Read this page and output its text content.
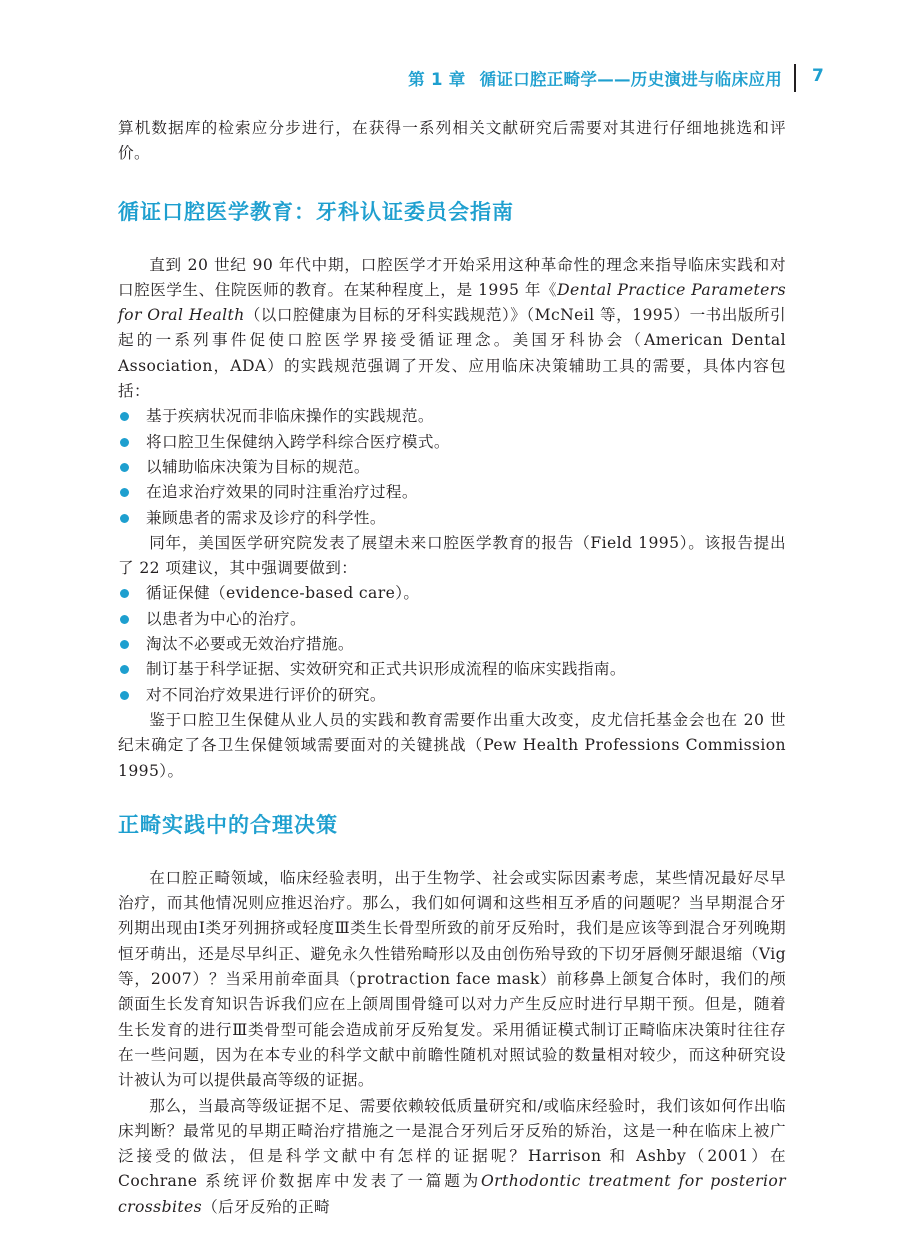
第 1 章 循证口腔正畸学——历史演进与临床应用 7

算机数据库的检索应分步进行，在获得一系列相关文献研究后需要对其进行仔细地挑选和评价。

循证口腔医学教育：牙科认证委员会指南

直到 20 世纪 90 年代中期，口腔医学才开始采用这种革命性的理念来指导临床实践和对口腔医学生、住院医师的教育。在某种程度上，是 1995 年《Dental Practice Parameters for Oral Health（以口腔健康为目标的牙科实践规范）》（McNeil 等，1995）一书出版所引起的一系列事件促使口腔医学界接受循证理念。美国牙科协会（American Dental Association，ADA）的实践规范强调了开发、应用临床决策辅助工具的需要，具体内容包括：

基于疾病状况而非临床操作的实践规范。
将口腔卫生保健纳入跨学科综合医疗模式。
以辅助临床决策为目标的规范。
在追求治疗效果的同时注重治疗过程。
兼顾患者的需求及诊疗的科学性。

同年，美国医学研究院发表了展望未来口腔医学教育的报告（Field 1995）。该报告提出了 22 项建议，其中强调要做到：

循证保健（evidence-based care）。
以患者为中心的治疗。
淘汰不必要或无效治疗措施。
制订基于科学证据、实效研究和正式共识形成流程的临床实践指南。
对不同治疗效果进行评价的研究。

鉴于口腔卫生保健从业人员的实践和教育需要作出重大改变，皮尤信托基金会也在 20 世纪末确定了各卫生保健领域需要面对的关键挑战（Pew Health Professions Commission 1995）。

正畸实践中的合理决策

在口腔正畸领域，临床经验表明，出于生物学、社会或实际因素考虑，某些情况最好尽早治疗，而其他情况则应推迟治疗。那么，我们如何调和这些相互矛盾的问题呢？当早期混合牙列期出现由Ⅰ类牙列拥挤或轻度Ⅲ类生长骨型所致的前牙反殆时，我们是应该等到混合牙列晚期恒牙萌出，还是尽早纠正、避免永久性错殆畸形以及由创伤殆导致的下切牙唇侧牙龈退缩（Vig 等，2007）？当采用前牵面具（protraction face mask）前移鼻上颌复合体时，我们的颅颌面生长发育知识告诉我们应在上颌周围骨缝可以对力产生反应时进行早期干预。但是，随着生长发育的进行Ⅲ类骨型可能会造成前牙反殆复发。采用循证模式制订正畸临床决策时往往存在一些问题，因为在本专业的科学文献中前瞻性随机对照试验的数量相对较少，而这种研究设计被认为可以提供最高等级的证据。

那么，当最高等级证据不足、需要依赖较低质量研究和/或临床经验时，我们该如何作出临床判断？最常见的早期正畸治疗措施之一是混合牙列后牙反殆的矫治，这是一种在临床上被广泛接受的做法，但是科学文献中有怎样的证据呢？Harrison 和 Ashby（2001）在 Cochrane 系统评价数据库中发表了一篇题为Orthodontic treatment for posterior crossbites（后牙反殆的正畸
